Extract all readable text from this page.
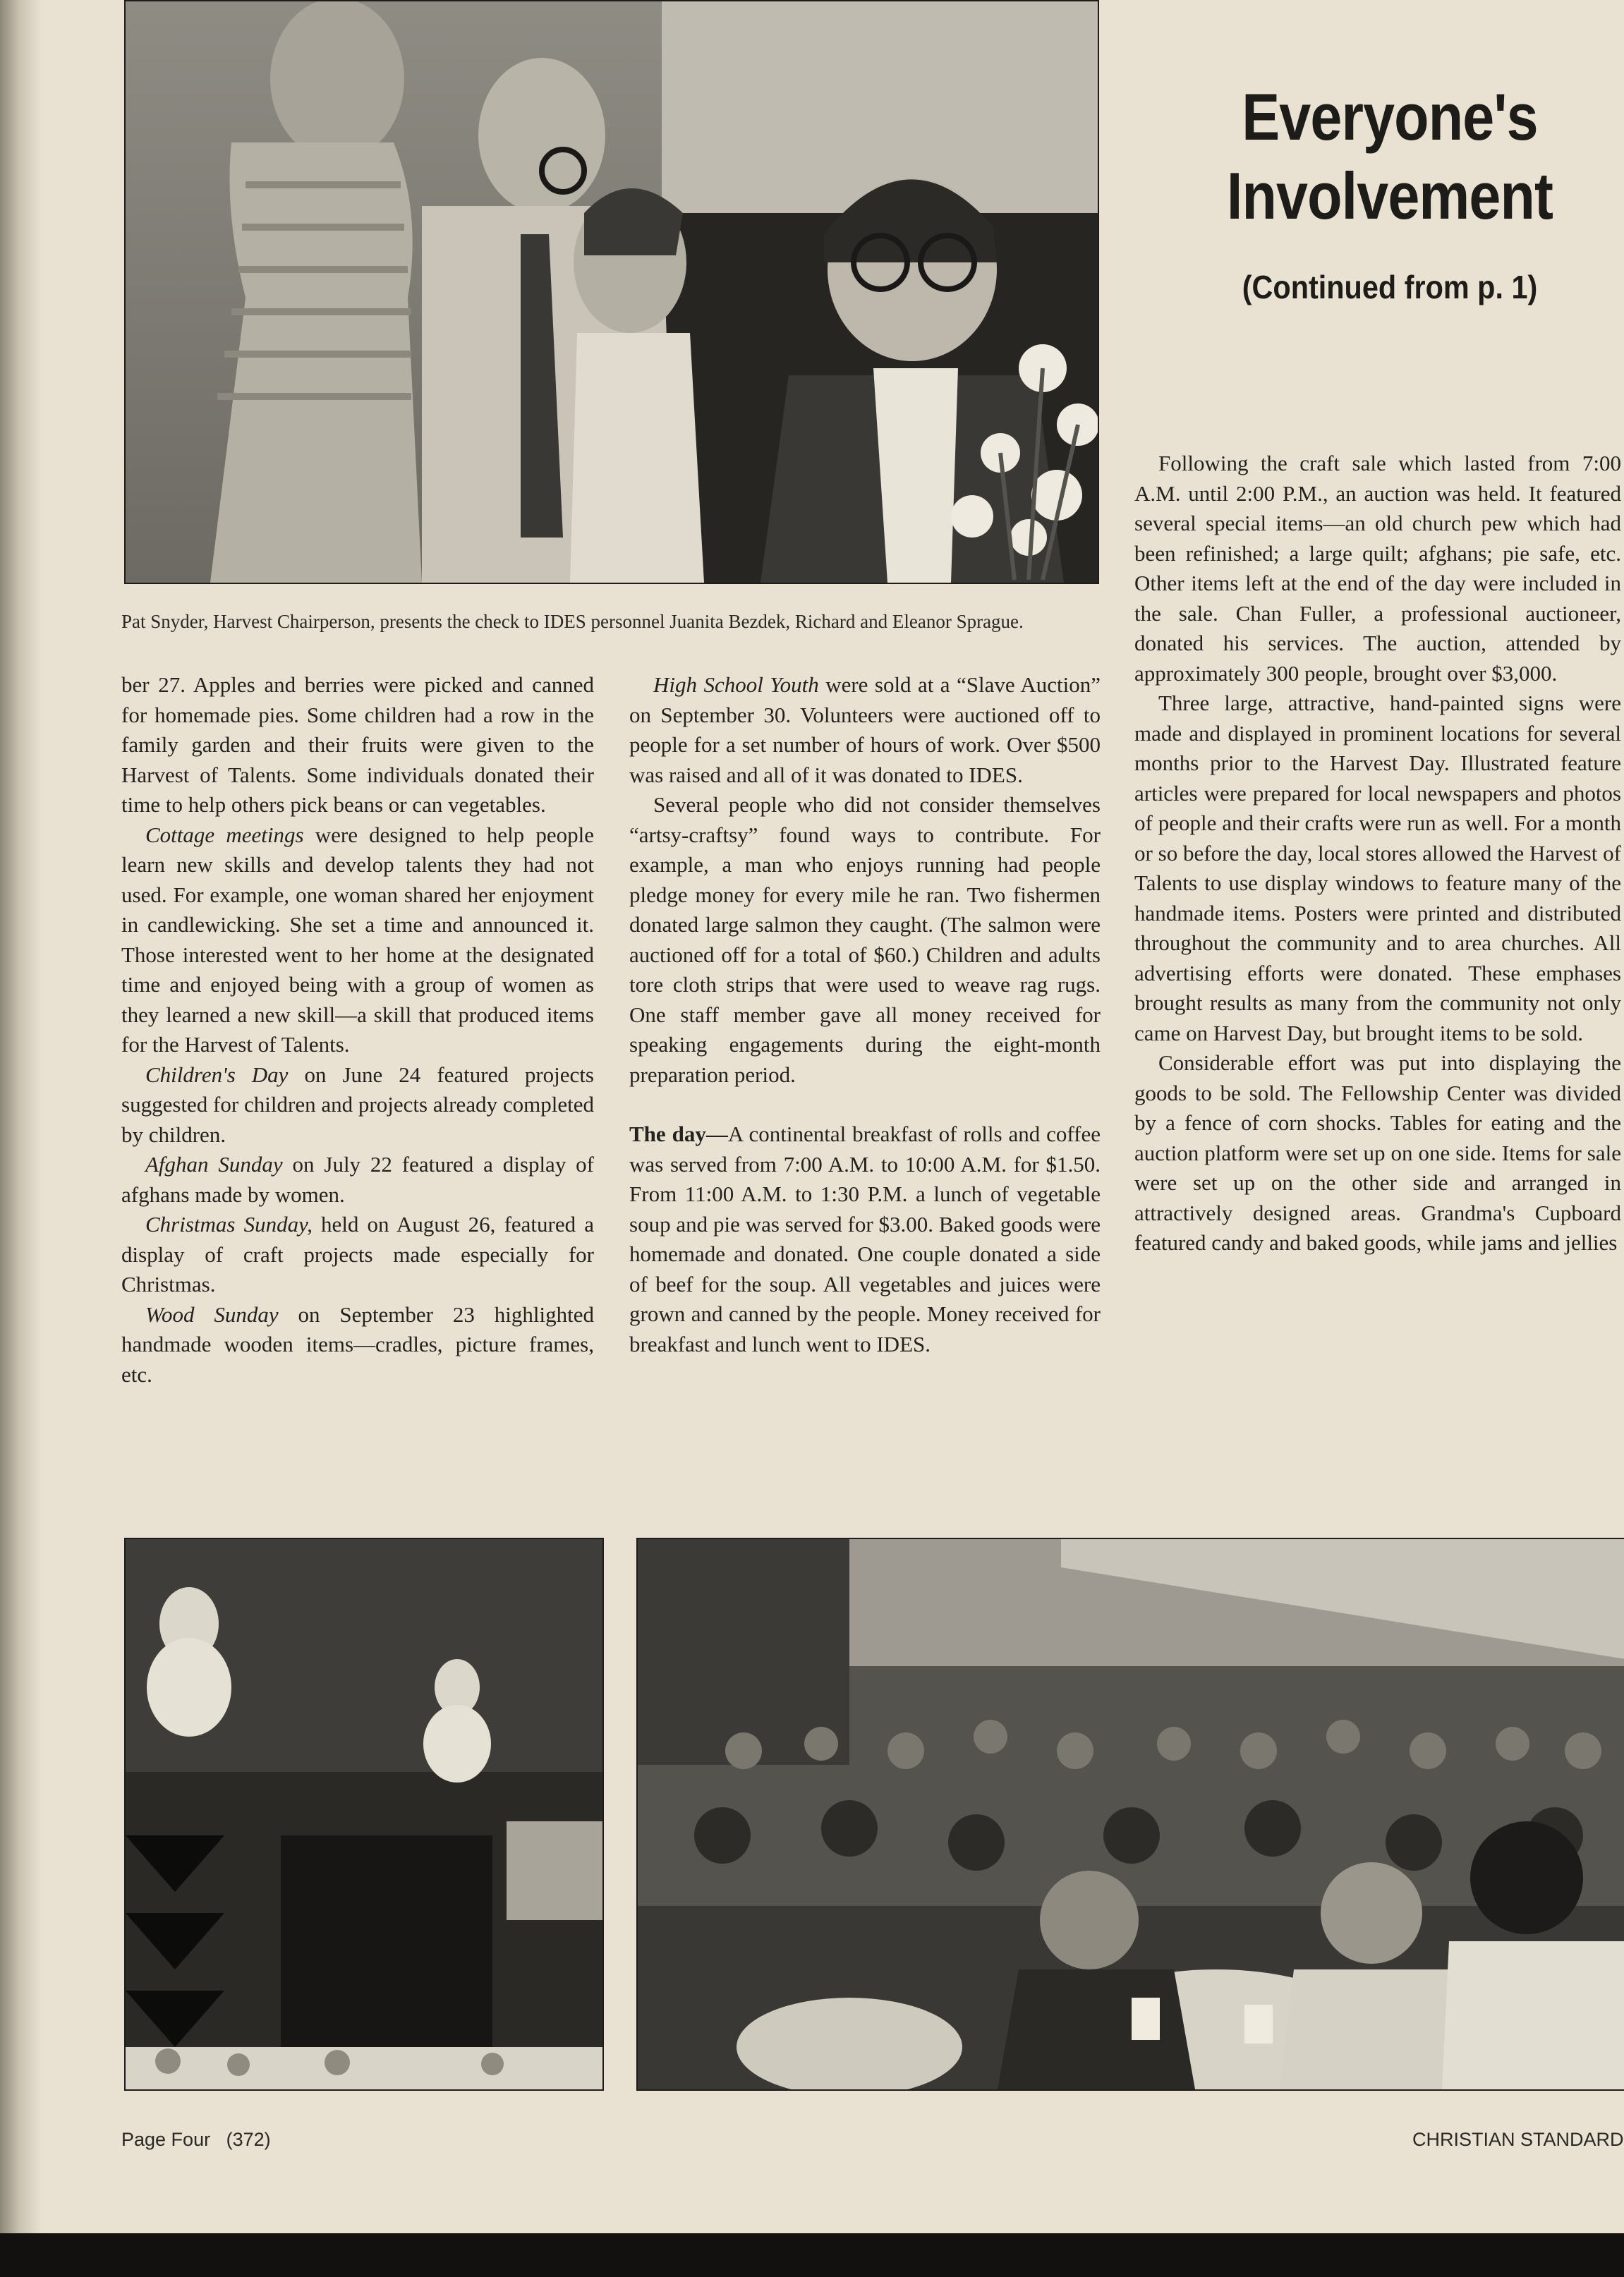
Everyone's
Involvement
(Continued from p. 1)
Pat Snyder, Harvest Chairperson, presents the check to IDES personnel Juanita Bezdek, Richard and Eleanor Sprague.

ber 27. Apples and berries were picked and canned for homemade pies. Some children had a row in the family garden and their fruits were given to the Harvest of Talents. Some individuals donated their time to help others pick beans or can vegetables.

Cottage meetings were designed to help people learn new skills and develop talents they had not used. For example, one woman shared her enjoyment in candlewicking. She set a time and announced it. Those interested went to her home at the designated time and enjoyed being with a group of women as they learned a new skill—a skill that produced items for the Harvest of Talents.

Children's Day on June 24 featured projects suggested for children and projects already completed by children.

Afghan Sunday on July 22 featured a display of afghans made by women.

Christmas Sunday, held on August 26, featured a display of craft projects made especially for Christmas.

Wood Sunday on September 23 highlighted handmade wooden items—cradles, picture frames, etc.

High School Youth were sold at a “Slave Auction” on September 30. Volunteers were auctioned off to people for a set number of hours of work. Over $500 was raised and all of it was donated to IDES.

Several people who did not consider themselves “artsy-craftsy” found ways to contribute. For example, a man who enjoys running had people pledge money for every mile he ran. Two fishermen donated large salmon they caught. (The salmon were auctioned off for a total of $60.) Children and adults tore cloth strips that were used to weave rag rugs. One staff member gave all money received for speaking engagements during the eight-month preparation period.

The day—A continental breakfast of rolls and coffee was served from 7:00 A.M. to 10:00 A.M. for $1.50. From 11:00 A.M. to 1:30 P.M. a lunch of vegetable soup and pie was served for $3.00. Baked goods were homemade and donated. One couple donated a side of beef for the soup. All vegetables and juices were grown and canned by the people. Money received for breakfast and lunch went to IDES.

Following the craft sale which lasted from 7:00 A.M. until 2:00 P.M., an auction was held. It featured several special items—an old church pew which had been refinished; a large quilt; afghans; pie safe, etc. Other items left at the end of the day were included in the sale. Chan Fuller, a professional auctioneer, donated his services. The auction, attended by approximately 300 people, brought over $3,000.

Three large, attractive, hand-painted signs were made and displayed in prominent locations for several months prior to the Harvest Day. Illustrated feature articles were prepared for local newspapers and photos of people and their crafts were run as well. For a month or so before the day, local stores allowed the Harvest of Talents to use display windows to feature many of the handmade items. Posters were printed and distributed throughout the community and to area churches. All advertising efforts were donated. These emphases brought results as many from the community not only came on Harvest Day, but brought items to be sold.

Considerable effort was put into displaying the goods to be sold. The Fellowship Center was divided by a fence of corn shocks. Tables for eating and the auction platform were set up on one side. Items for sale were set up on the other side and arranged in attractively designed areas. Grandma's Cupboard featured candy and baked goods, while jams and jellies

Page Four   (372)	CHRISTIAN STANDARD
